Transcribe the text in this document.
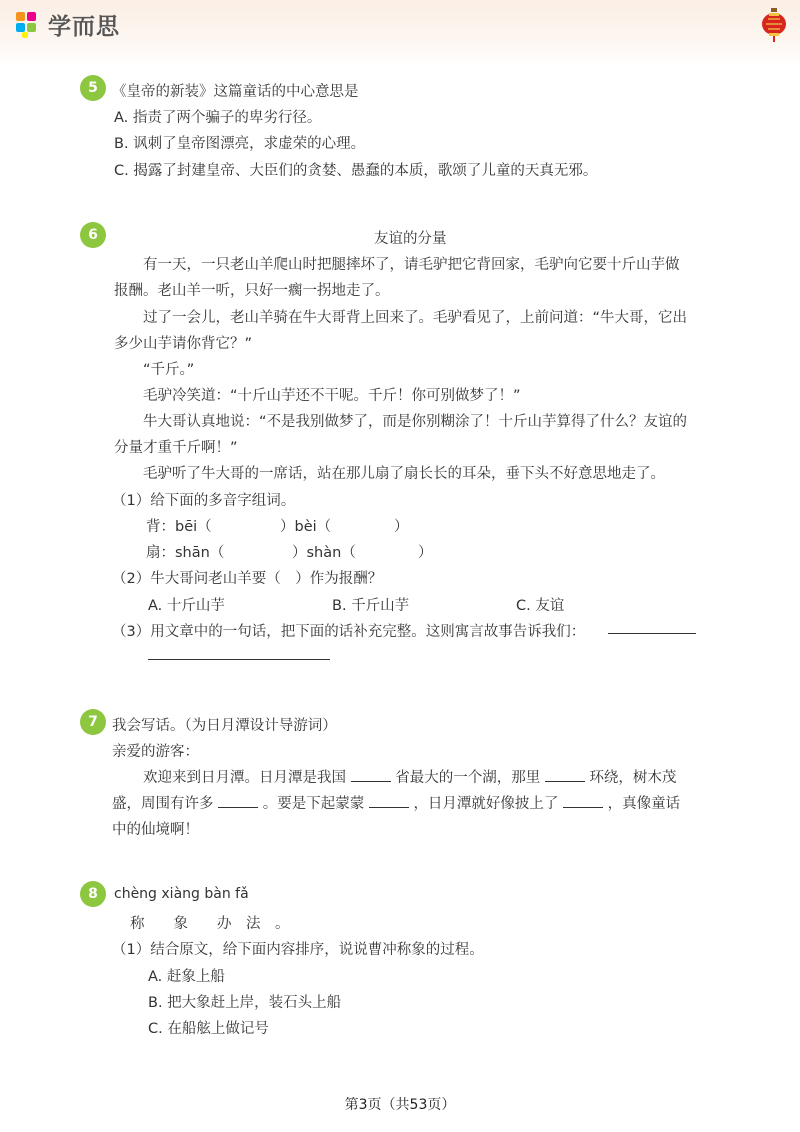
学而思
5 《皇帝的新装》这篇童话的中心意思是
A. 指责了两个骗子的卑劣行径。
B. 讽刺了皇帝图漂亮，求虚荣的心理。
C. 揭露了封建皇帝、大臣们的贪婪、愚蠢的本质，歌颂了儿童的天真无邪。
6	友谊的分量
有一天，一只老山羊爬山时把腿摔坏了，请毛驴把它背回家，毛驴向它要十斤山芋做
报酬。老山羊一听，只好一瘸一拐地走了。
过了一会儿，老山羊骑在牛大哥背上回来了。毛驴看见了，上前问道：“牛大哥，它出
多少山芋请你背它？”
“千斤。”
毛驴冷笑道：“十斤山芋还不干呢。千斤！你可别做梦了！”
牛大哥认真地说：“不是我别做梦了，而是你别糊涂了！十斤山芋算得了什么？友谊的
分量才重千斤啊！”
毛驴听了牛大哥的一席话，站在那儿扇了扇长长的耳朵，垂下头不好意思地走了。
（1）给下面的多音字组词。
背：bēi（	）bèi（	）
扇：shān（	）shàn（	）
（2）牛大哥问老山羊要（　）作为报酬？
A. 十斤山芋	B. 千斤山芋	C. 友谊
（3）用文章中的一句话，把下面的话补充完整。这则寓言故事告诉我们：
7 我会写话。（为日月潭设计导游词）
亲爱的游客：
欢迎来到日月潭。日月潭是我国	省最大的一个湖，那里	环绕，树木茂
盛，周围有许多	。要是下起蒙蒙	，日月潭就好像披上了	，真像童话
中的仙境啊！
8	chèng xiàng bàn fǎ
称　　象　　办　法　。
（1）结合原文，给下面内容排序，说说曹冲称象的过程。
A. 赶象上船
B. 把大象赶上岸，装石头上船
C. 在船舷上做记号
第3页（共53页）
